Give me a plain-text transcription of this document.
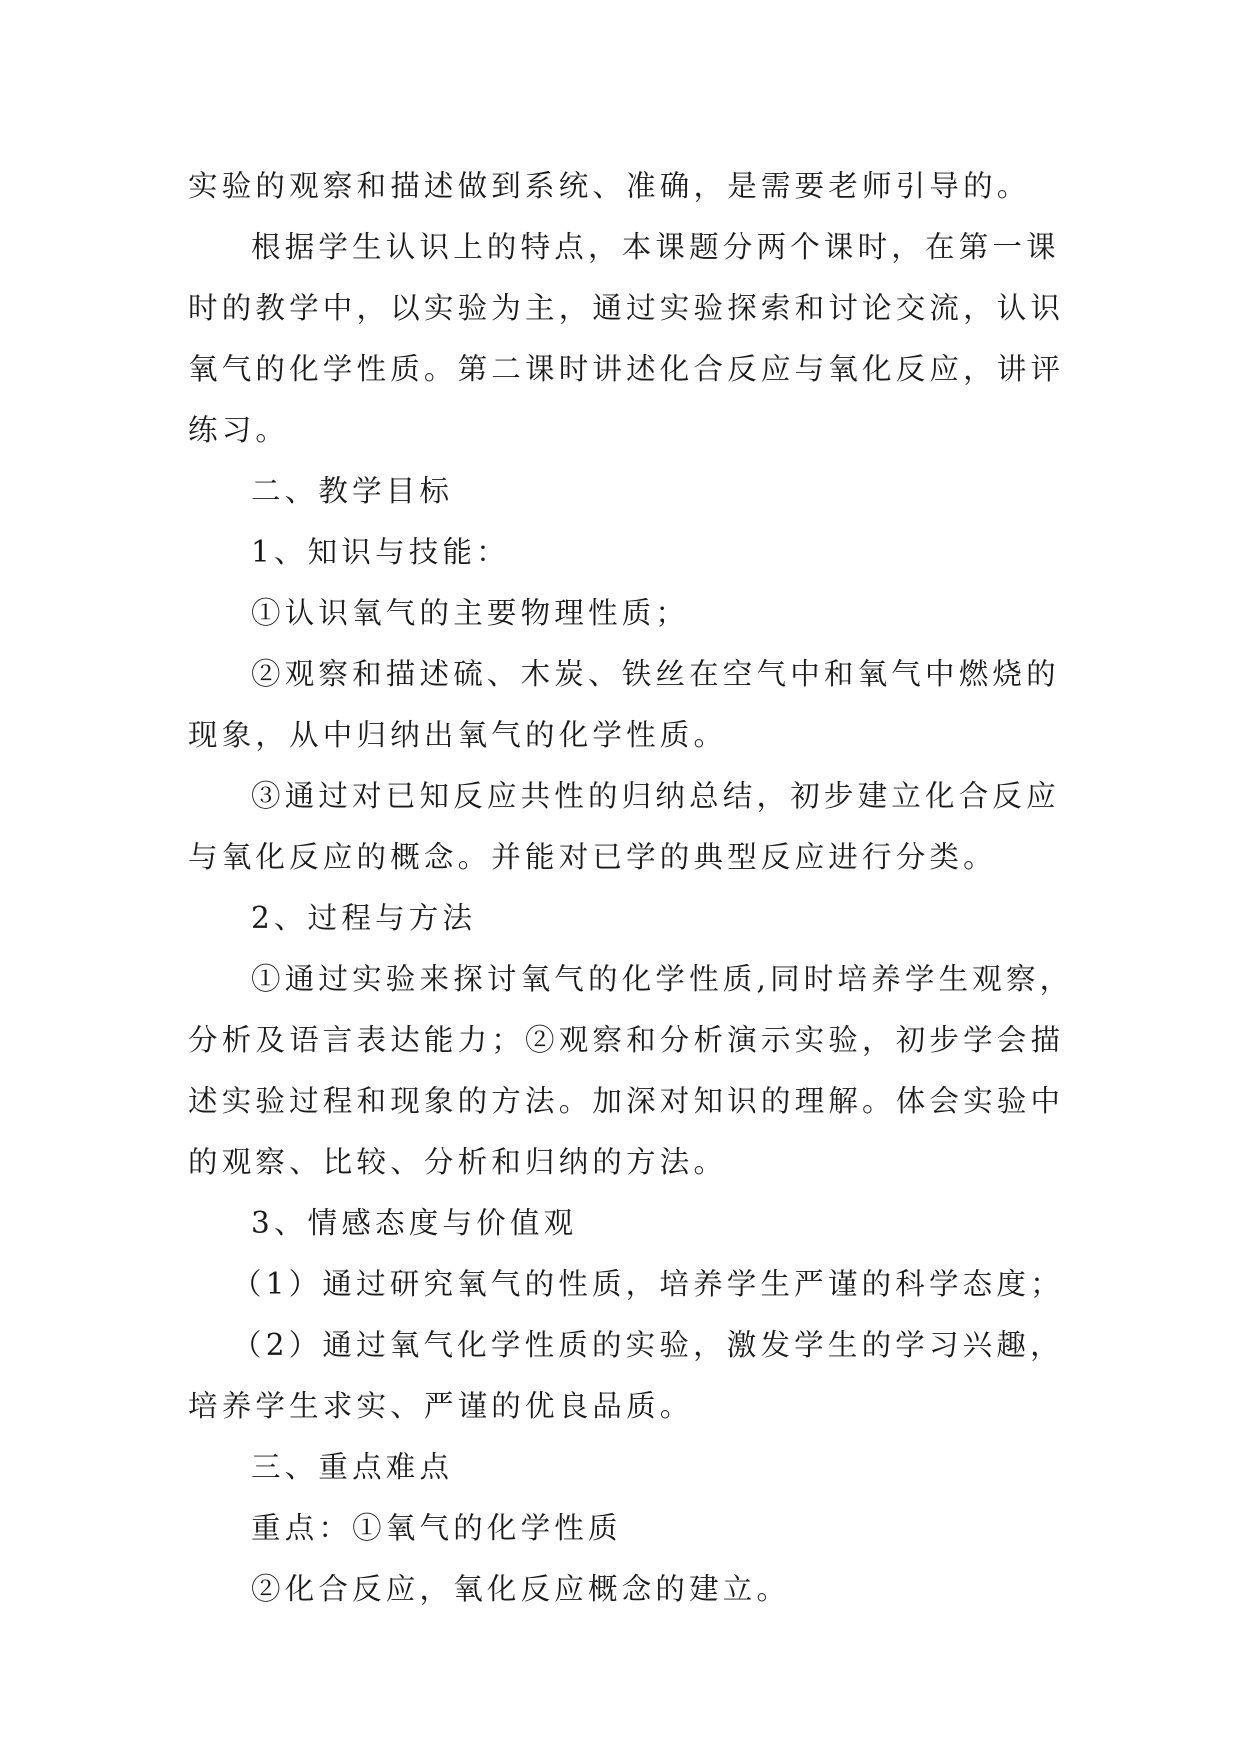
实验的观察和描述做到系统、准确，是需要老师引导的。

根据学生认识上的特点，本课题分两个课时，在第一课
时的教学中，以实验为主，通过实验探索和讨论交流，认识
氧气的化学性质。第二课时讲述化合反应与氧化反应，讲评
练习。

二、教学目标

1、知识与技能：

①认识氧气的主要物理性质；

②观察和描述硫、木炭、铁丝在空气中和氧气中燃烧的
现象，从中归纳出氧气的化学性质。

③通过对已知反应共性的归纳总结，初步建立化合反应
与氧化反应的概念。并能对已学的典型反应进行分类。

2、过程与方法

①通过实验来探讨氧气的化学性质,同时培养学生观察，
分析及语言表达能力；②观察和分析演示实验，初步学会描
述实验过程和现象的方法。加深对知识的理解。体会实验中
的观察、比较、分析和归纳的方法。

3、情感态度与价值观

（1）通过研究氧气的性质，培养学生严谨的科学态度；

（2）通过氧气化学性质的实验，激发学生的学习兴趣，
培养学生求实、严谨的优良品质。

三、重点难点

重点：①氧气的化学性质

②化合反应，氧化反应概念的建立。
